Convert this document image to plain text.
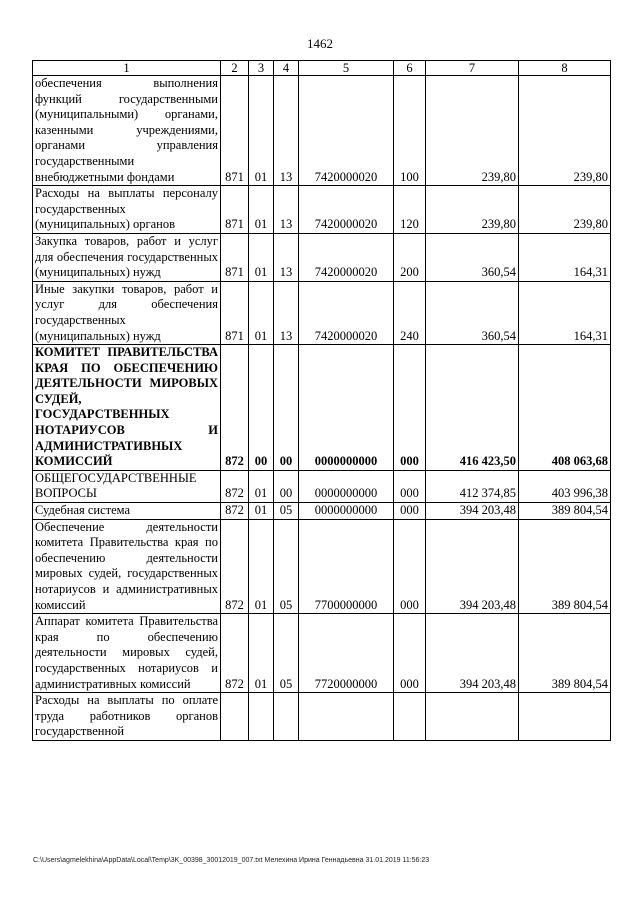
1462
1	2	3	4	5	6	7	8
обеспечения выполнения функций государственными (муниципальными) органами, казенными учреждениями, органами управления государственными внебюджетными фондами	871	01	13	7420000020	100	239,80	239,80
Расходы на выплаты персоналу государственных (муниципальных) органов	871	01	13	7420000020	120	239,80	239,80
Закупка товаров, работ и услуг для обеспечения государственных (муниципальных) нужд	871	01	13	7420000020	200	360,54	164,31
Иные закупки товаров, работ и услуг для обеспечения государственных (муниципальных) нужд	871	01	13	7420000020	240	360,54	164,31
КОМИТЕТ ПРАВИТЕЛЬСТВА КРАЯ ПО ОБЕСПЕЧЕНИЮ ДЕЯТЕЛЬНОСТИ МИРОВЫХ СУДЕЙ, ГОСУДАРСТВЕННЫХ НОТАРИУСОВ И АДМИНИСТРАТИВНЫХ КОМИССИЙ	872	00	00	0000000000	000	416 423,50	408 063,68
ОБЩЕГОСУДАРСТВЕННЫЕ ВОПРОСЫ	872	01	00	0000000000	000	412 374,85	403 996,38
Судебная система	872	01	05	0000000000	000	394 203,48	389 804,54
Обеспечение деятельности комитета Правительства края по обеспечению деятельности мировых судей, государственных нотариусов и административных комиссий	872	01	05	7700000000	000	394 203,48	389 804,54
Аппарат комитета Правительства края по обеспечению деятельности мировых судей, государственных нотариусов и административных комиссий	872	01	05	7720000000	000	394 203,48	389 804,54
Расходы на выплаты по оплате труда работников органов государственной							
C:\Users\agmelekhina\AppData\Local\Temp\3K_00398_30012019_007.txt Мелехина Ирина Геннадьевна 31.01.2019 11:56:23
